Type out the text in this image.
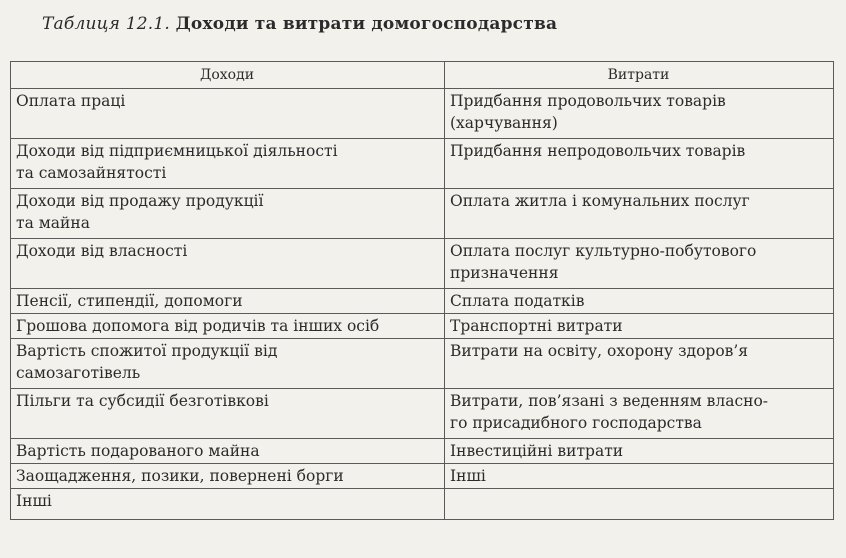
Таблиця 12.1. Доходи та витрати домогосподарства
Доходи	Витрати

Оплата праці	Придбання продовольчих товарів
(харчування)

Доходи від підприємницької діяльності
та самозайнятості	Придбання непродовольчих товарів

Доходи від продажу продукції
та майна	Оплата житла і комунальних послуг

Доходи від власності	Оплата послуг культурно-побутового
призначення

Пенсії, стипендії, допомоги	Сплата податків

Грошова допомога від родичів та інших осіб	Транспортні витрати

Вартість спожитої продукції від
самозаготівель	Витрати на освіту, охорону здоров’я

Пільги та субсидії безготівкові	Витрати, пов’язані з веденням власно-
го присадибного господарства

Вартість подарованого майна	Інвестиційні витрати

Заощадження, позики, повернені борги	Інші

Інші	
